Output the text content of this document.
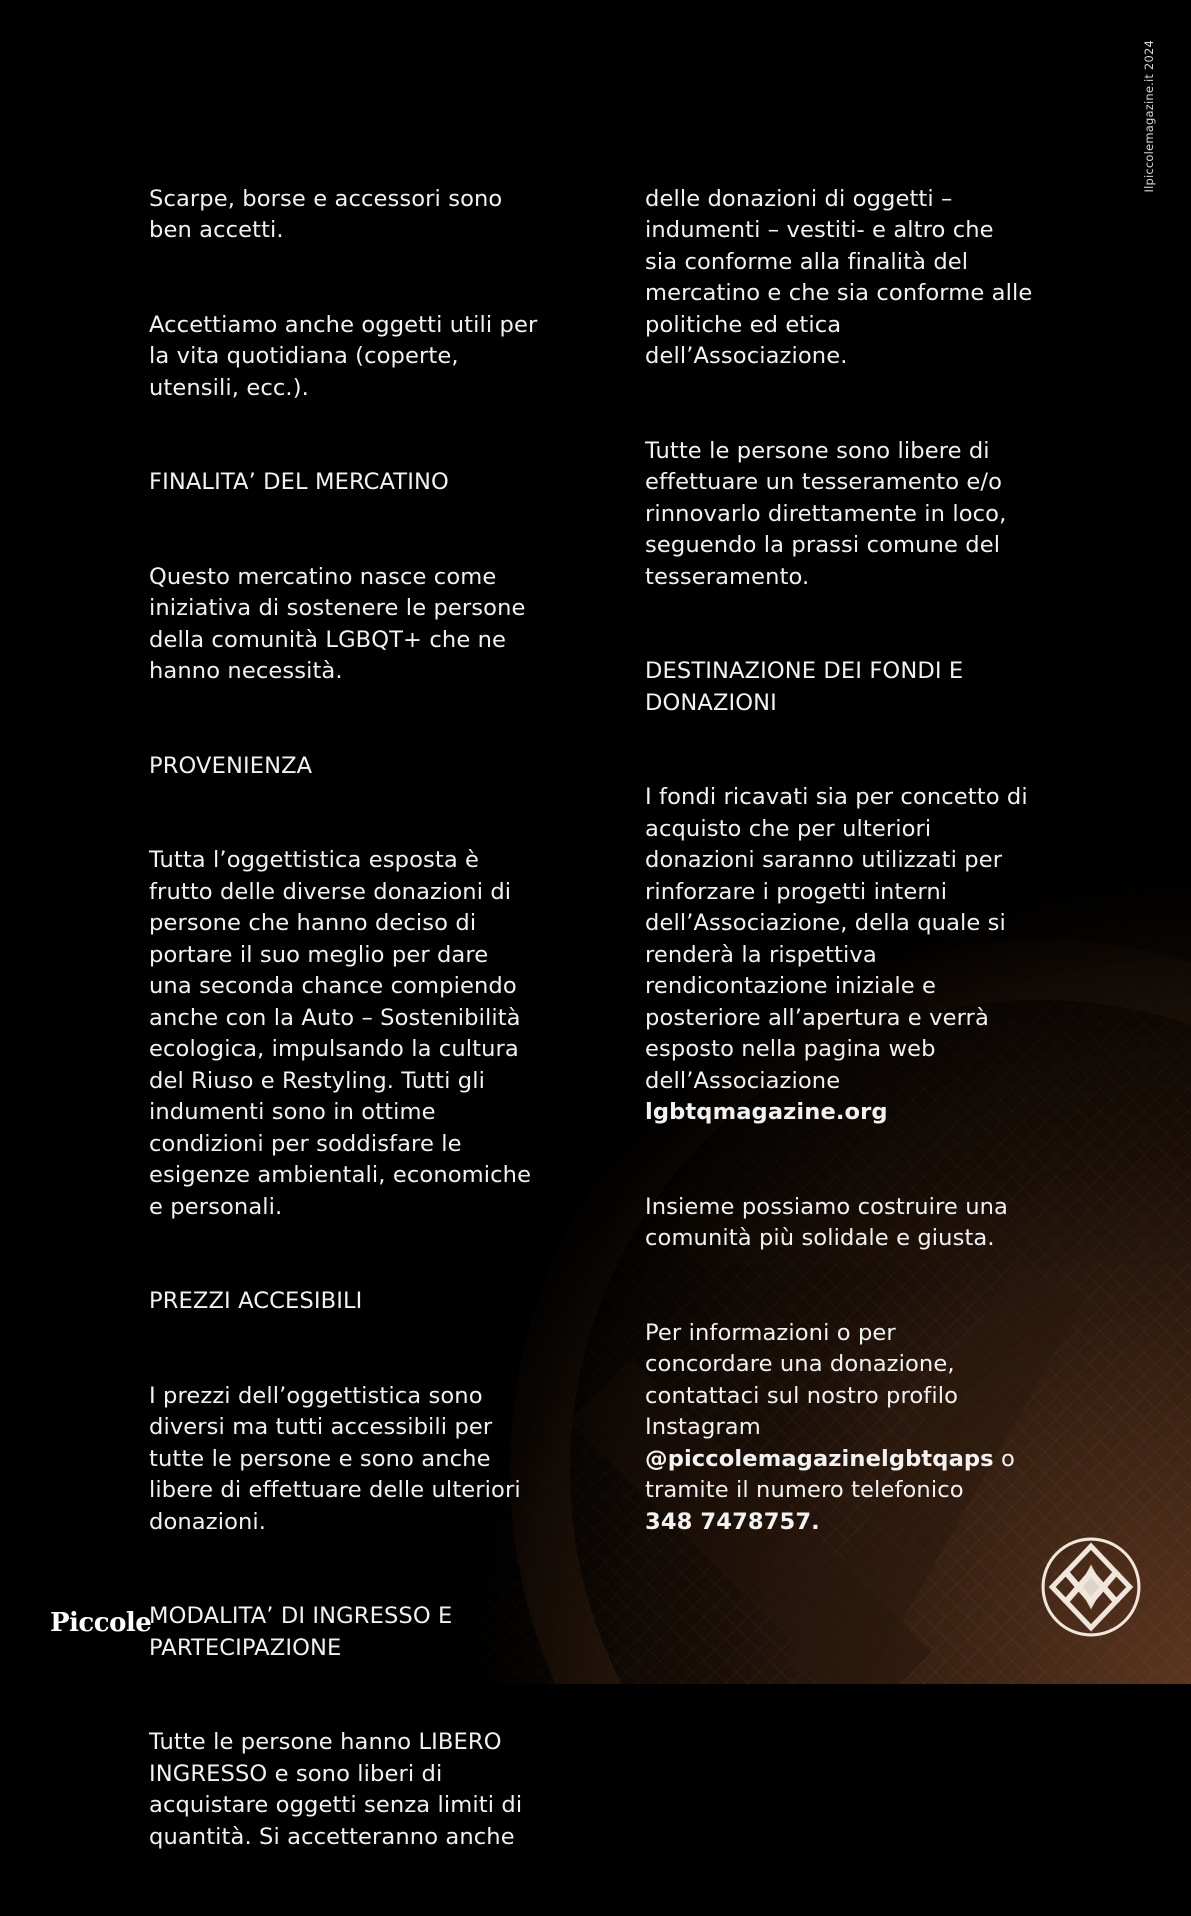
Ilpiccolemagazine.it 2024

Scarpe, borse e accessori sono
ben accetti.

Accettiamo anche oggetti utili per
la vita quotidiana (coperte,
utensili, ecc.).

FINALITA’ DEL MERCATINO

Questo mercatino nasce come
iniziativa di sostenere le persone
della comunità LGBQT+ che ne
hanno necessità.

PROVENIENZA

Tutta l’oggettistica esposta è
frutto delle diverse donazioni di
persone che hanno deciso di
portare il suo meglio per dare
una seconda chance compiendo
anche con la Auto – Sostenibilità
ecologica, impulsando la cultura
del Riuso e Restyling. Tutti gli
indumenti sono in ottime
condizioni per soddisfare le
esigenze ambientali, economiche
e personali.

PREZZI ACCESIBILI

I prezzi dell’oggettistica sono
diversi ma tutti accessibili per
tutte le persone e sono anche
libere di effettuare delle ulteriori
donazioni.

MODALITA’ DI INGRESSO E
PARTECIPAZIONE

Tutte le persone hanno LIBERO
INGRESSO e sono liberi di
acquistare oggetti senza limiti di
quantità. Si accetteranno anche

delle donazioni di oggetti –
indumenti – vestiti- e altro che
sia conforme alla finalità del
mercatino e che sia conforme alle
politiche ed etica
dell’Associazione.

Tutte le persone sono libere di
effettuare un tesseramento e/o
rinnovarlo direttamente in loco,
seguendo la prassi comune del
tesseramento.

DESTINAZIONE DEI FONDI E
DONAZIONI

I fondi ricavati sia per concetto di
acquisto che per ulteriori
donazioni saranno utilizzati per
rinforzare i progetti interni
dell’Associazione, della quale si
renderà la rispettiva
rendicontazione iniziale e
posteriore all’apertura e verrà
esposto nella pagina web
dell’Associazione
lgbtqmagazine.org

Insieme possiamo costruire una
comunità più solidale e giusta.

Per informazioni o per
concordare una donazione,
contattaci sul nostro profilo
Instagram
@piccolemagazinelgbtqaps o
tramite il numero telefonico
348 7478757.

Piccole
